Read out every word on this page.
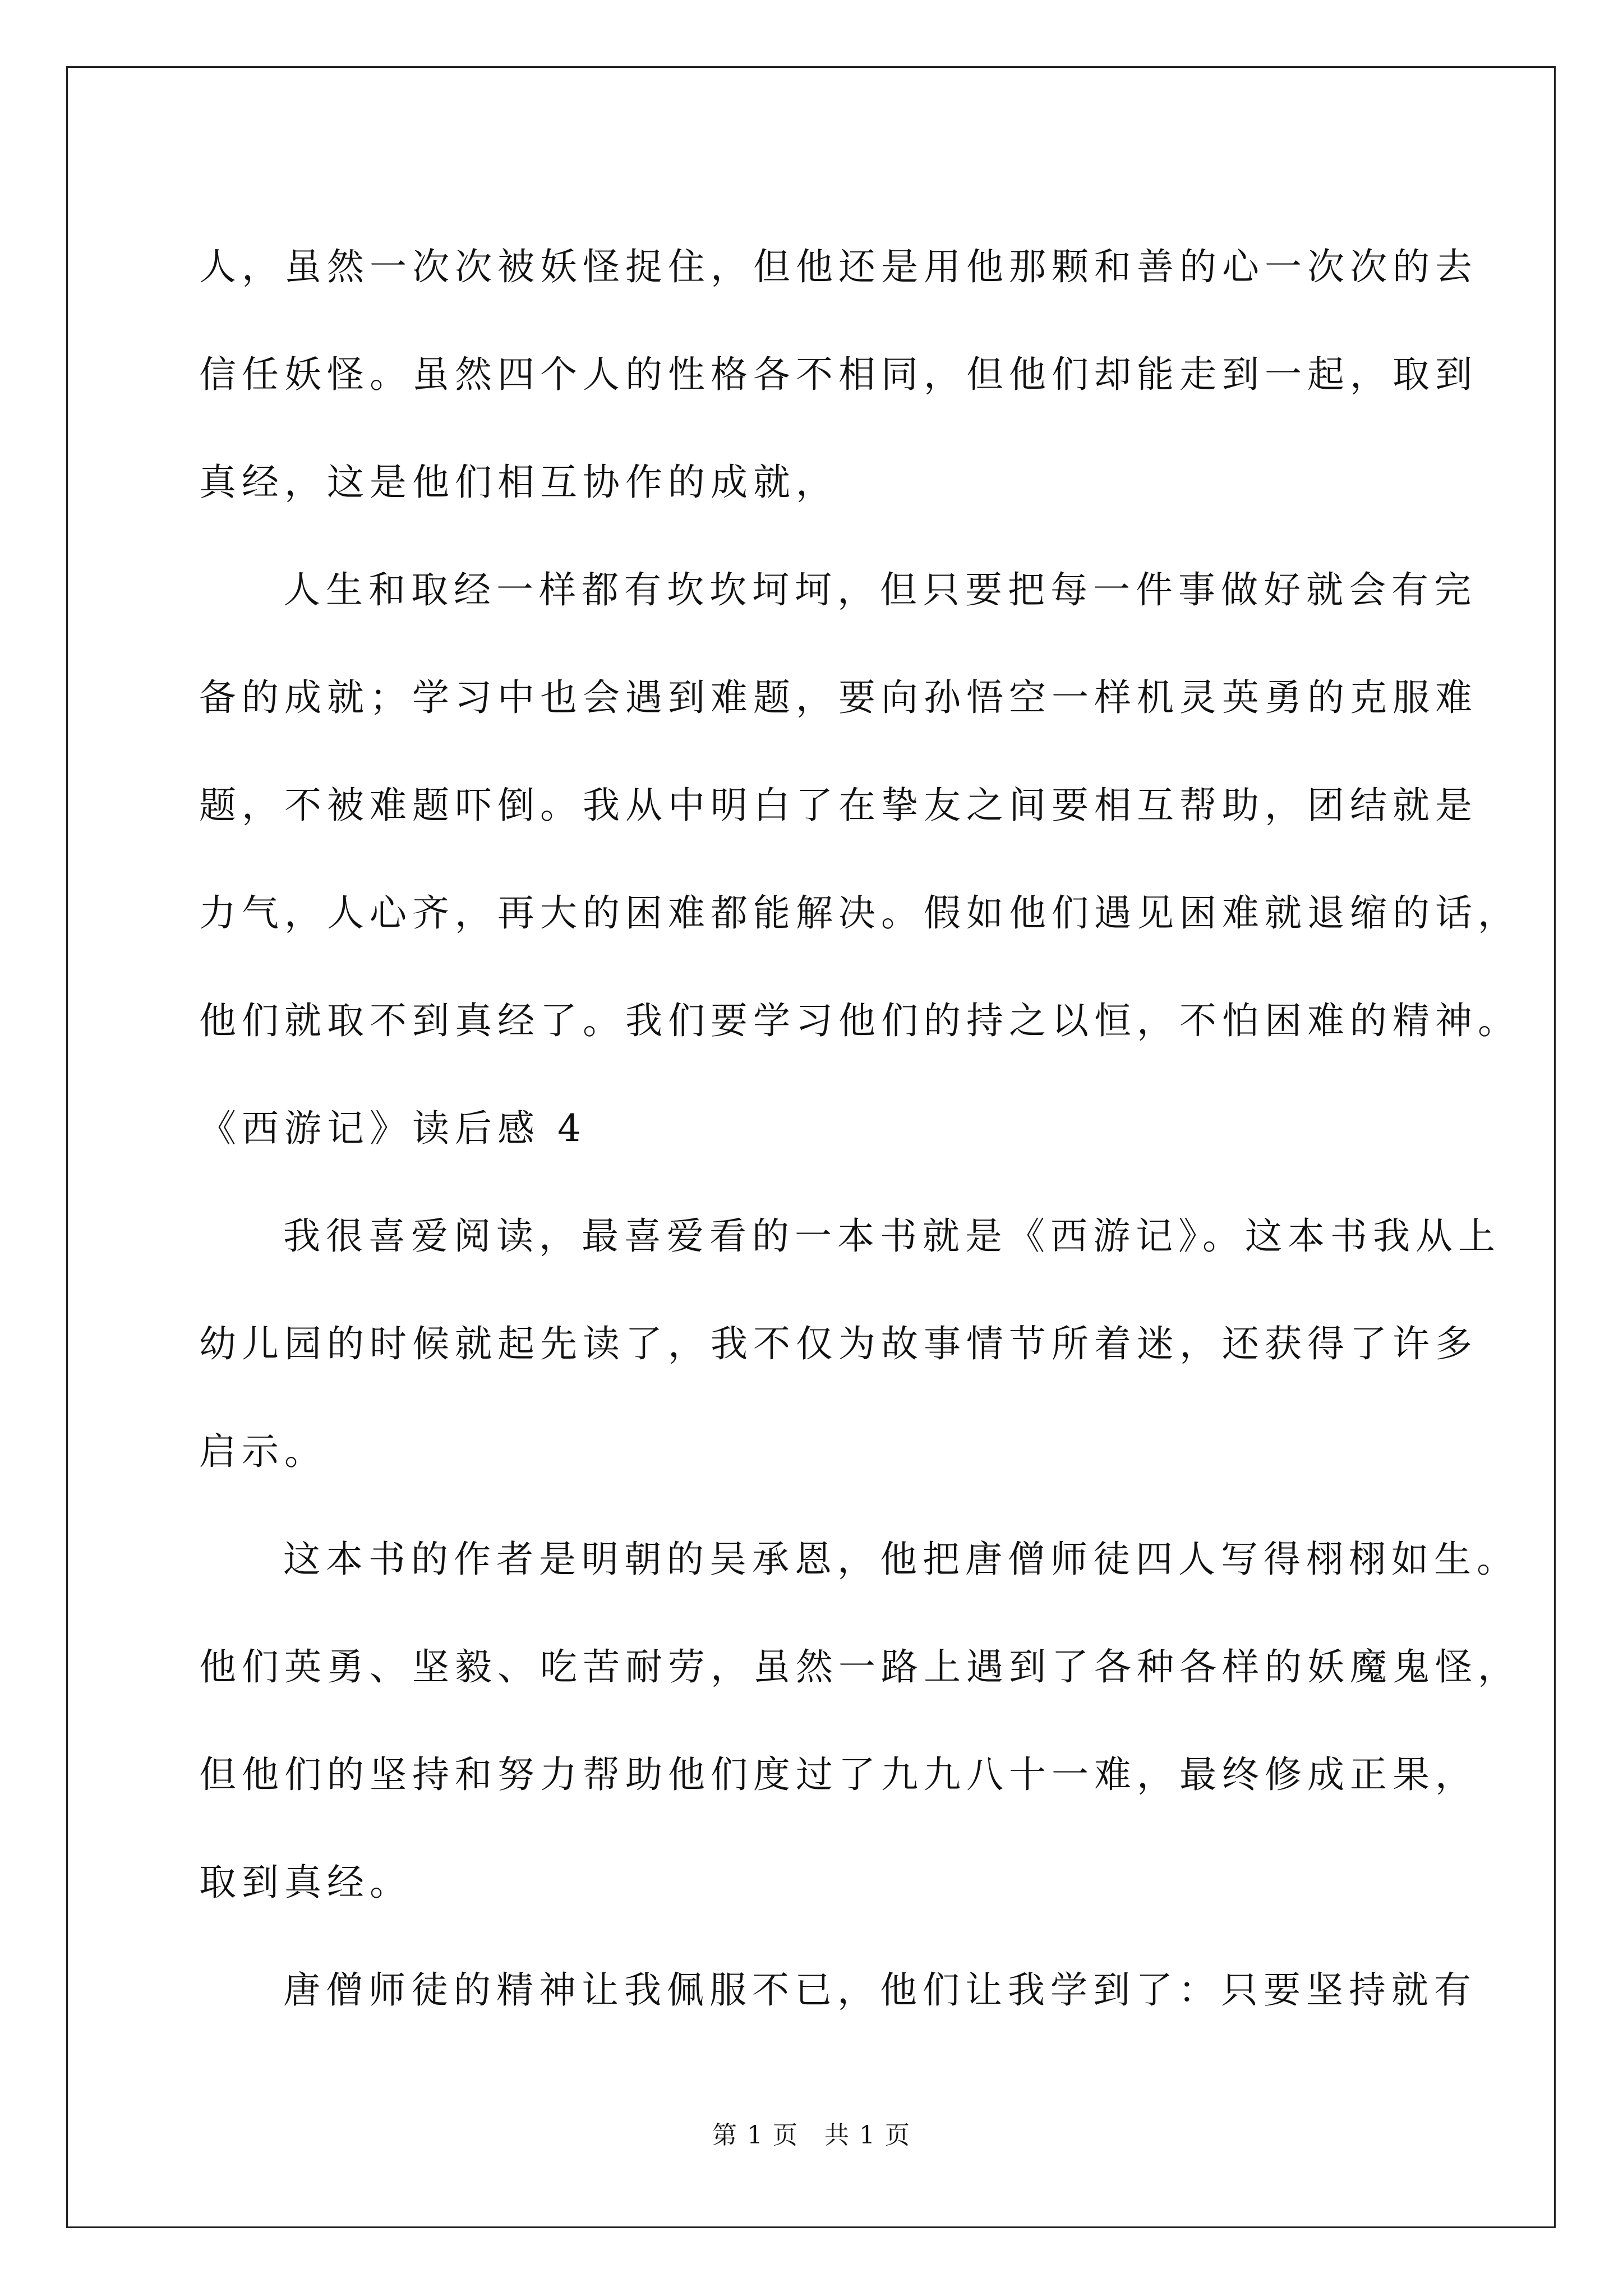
人，虽然一次次被妖怪捉住，但他还是用他那颗和善的心一次次的去
信任妖怪。虽然四个人的性格各不相同，但他们却能走到一起，取到
真经，这是他们相互协作的成就，
人生和取经一样都有坎坎坷坷，但只要把每一件事做好就会有完
备的成就；学习中也会遇到难题，要向孙悟空一样机灵英勇的克服难
题，不被难题吓倒。我从中明白了在挚友之间要相互帮助，团结就是
力气，人心齐，再大的困难都能解决。假如他们遇见困难就退缩的话，
他们就取不到真经了。我们要学习他们的持之以恒，不怕困难的精神。
《西游记》读后感 4
我很喜爱阅读，最喜爱看的一本书就是《西游记》。这本书我从上
幼儿园的时候就起先读了，我不仅为故事情节所着迷，还获得了许多
启示。
这本书的作者是明朝的吴承恩，他把唐僧师徒四人写得栩栩如生。
他们英勇、坚毅、吃苦耐劳，虽然一路上遇到了各种各样的妖魔鬼怪，
但他们的坚持和努力帮助他们度过了九九八十一难，最终修成正果，
取到真经。
唐僧师徒的精神让我佩服不已，他们让我学到了：只要坚持就有
第 1 页　共 1 页
